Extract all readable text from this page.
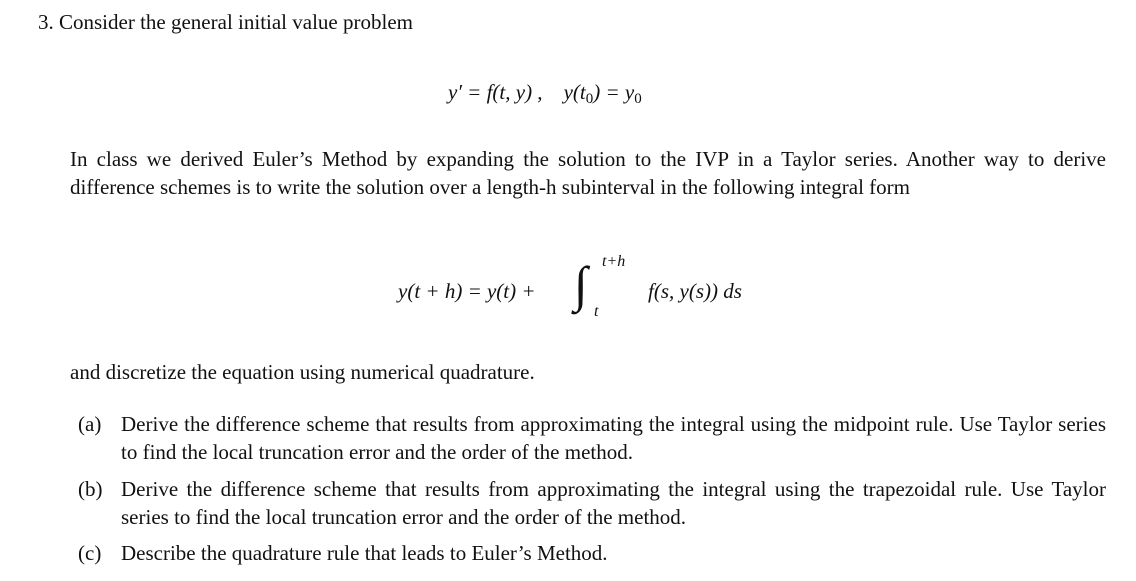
3. Consider the general initial value problem
y′ = f(t, y) , $y(t_0) = y_0$
In class we derived Euler’s Method by expanding the solution to the IVP in a Taylor series. Another way to derive difference schemes is to write the solution over a length-h subinterval in the following integral form
y(t + h) = y(t) + ∫ t+h
t
f(s, y(s)) ds
and discretize the equation using numerical quadrature.
(a) Derive the difference scheme that results from approximating the integral using the midpoint rule. Use Taylor series to find the local truncation error and the order of the method.
(b) Derive the difference scheme that results from approximating the integral using the trapezoidal rule. Use Taylor series to find the local truncation error and the order of the method.
(c) Describe the quadrature rule that leads to Euler’s Method.
